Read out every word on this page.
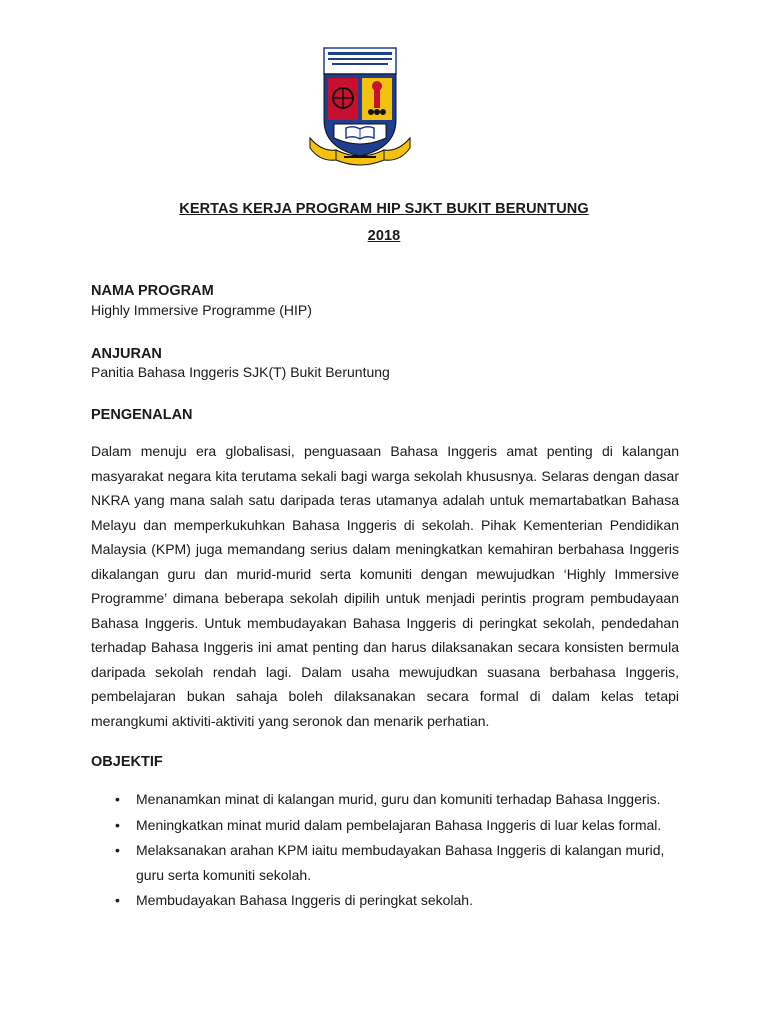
KERTAS KERJA PROGRAM HIP SJKT BUKIT BERUNTUNG
2018
NAMA PROGRAM
Highly Immersive Programme (HIP)
ANJURAN
Panitia Bahasa Inggeris SJK(T) Bukit Beruntung
PENGENALAN

Dalam menuju era globalisasi, penguasaan Bahasa Inggeris amat penting di kalangan masyarakat negara kita terutama sekali bagi warga sekolah khususnya. Selaras dengan dasar NKRA yang mana salah satu daripada teras utamanya adalah untuk memartabatkan Bahasa Melayu dan memperkukuhkan Bahasa Inggeris di sekolah. Pihak Kementerian Pendidikan Malaysia (KPM) juga memandang serius dalam meningkatkan kemahiran berbahasa Inggeris dikalangan guru dan murid-murid serta komuniti dengan mewujudkan ‘Highly Immersive Programme’ dimana beberapa sekolah dipilih untuk menjadi perintis program pembudayaan Bahasa Inggeris. Untuk membudayakan Bahasa Inggeris di peringkat sekolah, pendedahan terhadap Bahasa Inggeris ini amat penting dan harus dilaksanakan secara konsisten bermula daripada sekolah rendah lagi. Dalam usaha mewujudkan suasana berbahasa Inggeris, pembelajaran bukan sahaja boleh dilaksanakan secara formal di dalam kelas tetapi merangkumi aktiviti-aktiviti yang seronok dan menarik perhatian.

OBJEKTIF
• Menanamkan minat di kalangan murid, guru dan komuniti terhadap Bahasa Inggeris.
• Meningkatkan minat murid dalam pembelajaran Bahasa Inggeris di luar kelas formal.
• Melaksanakan arahan KPM iaitu membudayakan Bahasa Inggeris di kalangan murid, guru serta komuniti sekolah.
• Membudayakan Bahasa Inggeris di peringkat sekolah.
